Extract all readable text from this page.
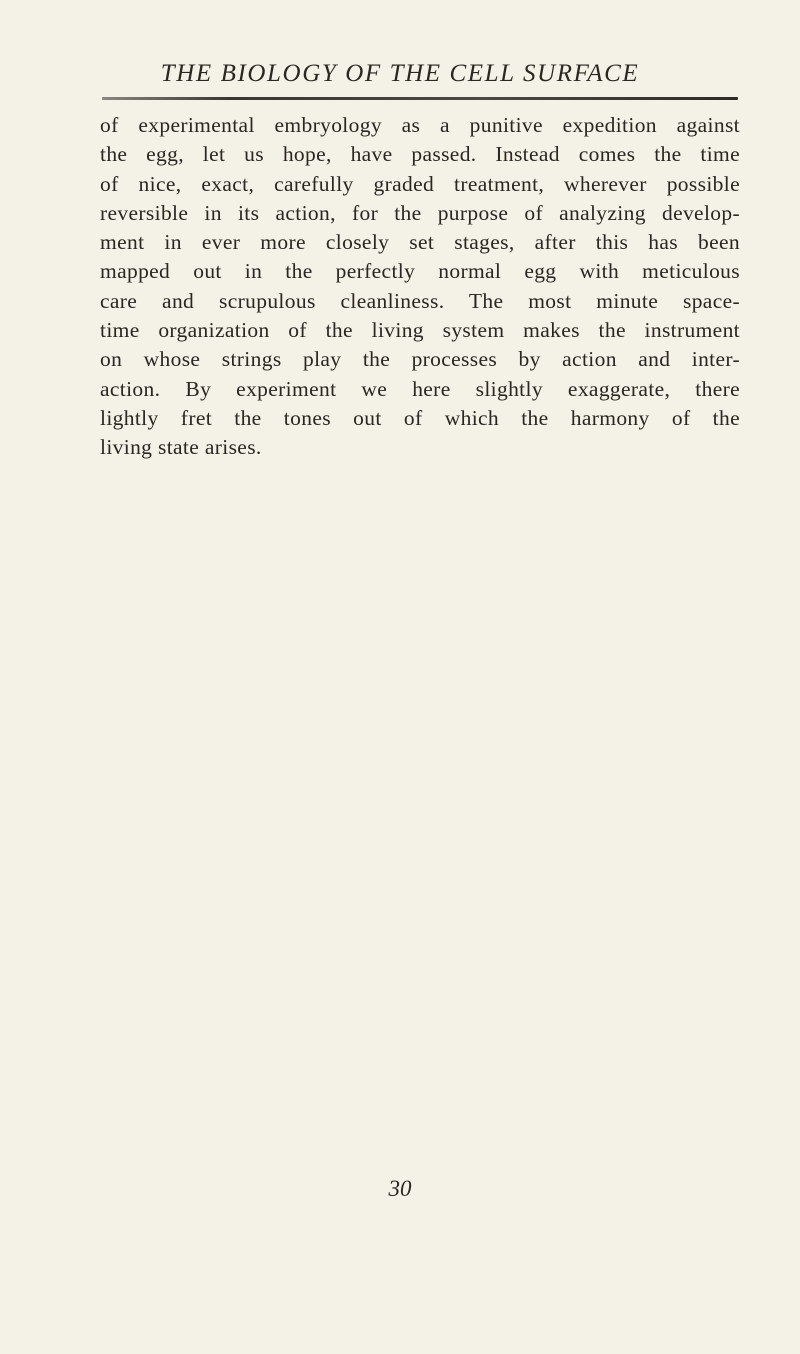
THE BIOLOGY OF THE CELL SURFACE
of experimental embryology as a punitive expedition against
the egg, let us hope, have passed. Instead comes the time
of nice, exact, carefully graded treatment, wherever possible
reversible in its action, for the purpose of analyzing develop-
ment in ever more closely set stages, after this has been
mapped out in the perfectly normal egg with meticulous
care and scrupulous cleanliness. The most minute space-
time organization of the living system makes the instrument
on whose strings play the processes by action and inter-
action. By experiment we here slightly exaggerate, there
lightly fret the tones out of which the harmony of the
living state arises.
30
